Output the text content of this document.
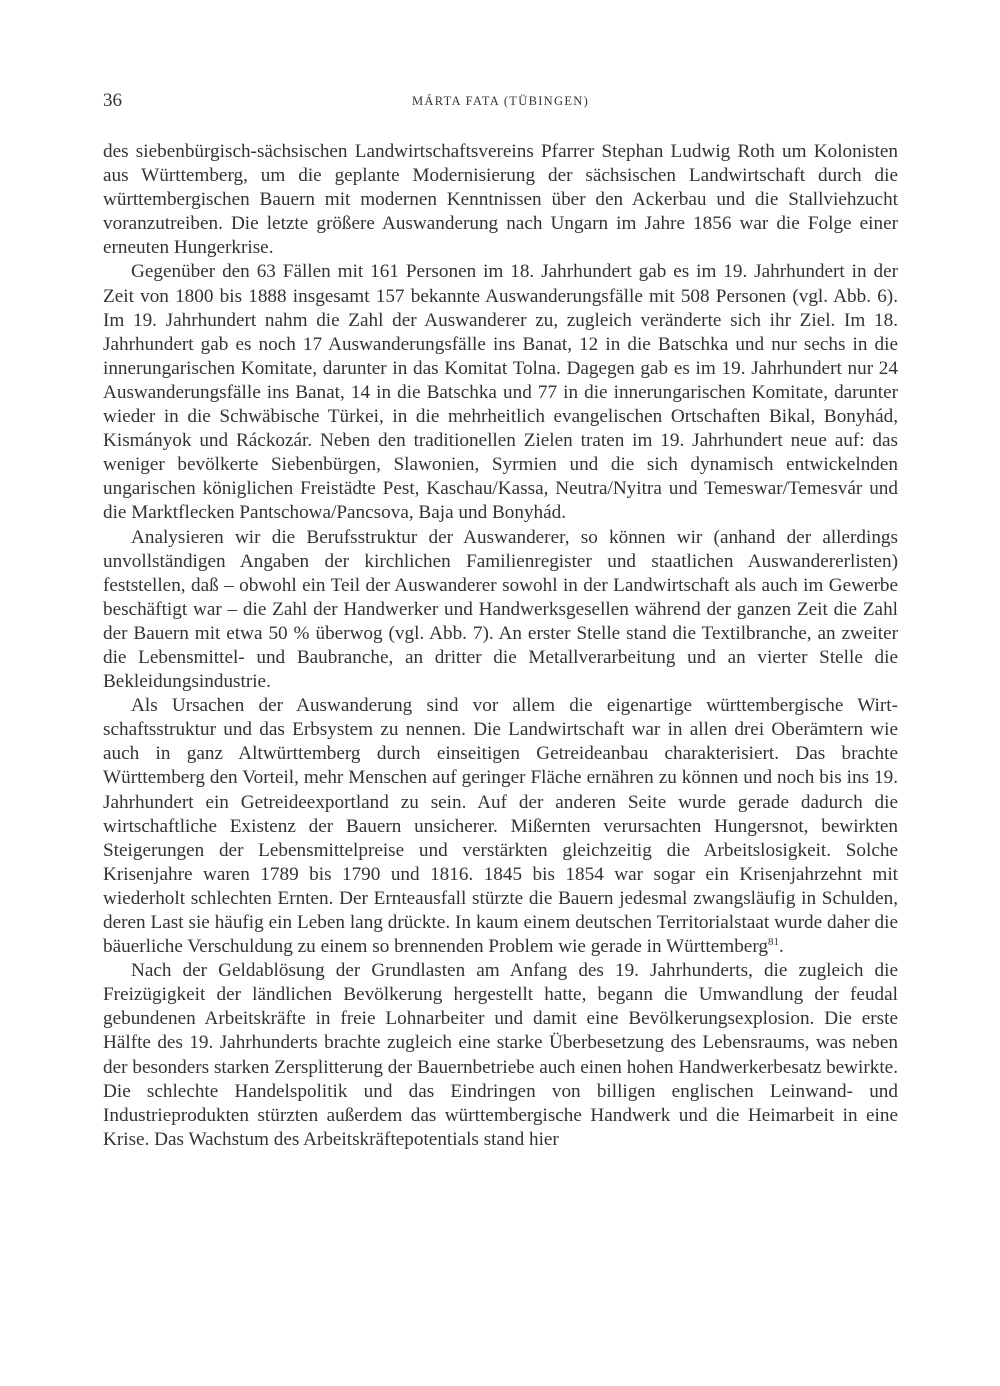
36	MÁRTA FATA (TÜBINGEN)

des siebenbürgisch-sächsischen Landwirtschaftsvereins Pfarrer Stephan Ludwig Roth um Kolonisten aus Württemberg, um die geplante Modernisierung der sächsischen Landwirtschaft durch die württembergischen Bauern mit modernen Kenntnissen über den Ackerbau und die Stallviehzucht voranzutreiben. Die letzte größere Auswanderung nach Ungarn im Jahre 1856 war die Folge einer erneuten Hungerkrise.

Gegenüber den 63 Fällen mit 161 Personen im 18. Jahrhundert gab es im 19. Jahrhundert in der Zeit von 1800 bis 1888 insgesamt 157 bekannte Auswanderungsfälle mit 508 Personen (vgl. Abb. 6). Im 19. Jahrhundert nahm die Zahl der Auswanderer zu, zugleich veränderte sich ihr Ziel. Im 18. Jahrhundert gab es noch 17 Auswanderungsfälle ins Banat, 12 in die Batschka und nur sechs in die innerungarischen Komitate, darunter in das Komitat Tolna. Dagegen gab es im 19. Jahrhundert nur 24 Auswanderungsfälle ins Banat, 14 in die Batschka und 77 in die innerungarischen Komitate, darunter wieder in die Schwäbische Türkei, in die mehrheitlich evangelischen Ortschaften Bikal, Bonyhád, Kismányok und Ráckozár. Neben den traditionellen Zielen traten im 19. Jahrhundert neue auf: das weniger bevölkerte Siebenbürgen, Slawonien, Syrmien und die sich dynamisch entwickelnden ungarischen königlichen Freistädte Pest, Kaschau/Kassa, Neutra/Nyitra und Temeswar/Temesvár und die Marktflecken Pantschowa/Pancsova, Baja und Bonyhád.

Analysieren wir die Berufsstruktur der Auswanderer, so können wir (anhand der allerdings unvollständigen Angaben der kirchlichen Familienregister und staatlichen Auswandererlisten) feststellen, daß – obwohl ein Teil der Auswanderer sowohl in der Landwirtschaft als auch im Gewerbe beschäftigt war – die Zahl der Handwerker und Handwerksgesellen während der ganzen Zeit die Zahl der Bauern mit etwa 50 % überwog (vgl. Abb. 7). An erster Stelle stand die Textilbranche, an zweiter die Lebensmittel- und Baubranche, an dritter die Metallverarbeitung und an vierter Stelle die Bekleidungsindustrie.

Als Ursachen der Auswanderung sind vor allem die eigenartige württembergische Wirtschaftsstruktur und das Erbsystem zu nennen. Die Landwirtschaft war in allen drei Oberämtern wie auch in ganz Altwürttemberg durch einseitigen Getreideanbau charakterisiert. Das brachte Württemberg den Vorteil, mehr Menschen auf geringer Fläche ernähren zu können und noch bis ins 19. Jahrhundert ein Getreideexportland zu sein. Auf der anderen Seite wurde gerade dadurch die wirtschaftliche Existenz der Bauern unsicherer. Mißernten verursachten Hungersnot, bewirkten Steigerungen der Lebensmittelpreise und verstärkten gleichzeitig die Arbeitslosigkeit. Solche Krisenjahre waren 1789 bis 1790 und 1816. 1845 bis 1854 war sogar ein Krisenjahrzehnt mit wiederholt schlechten Ernten. Der Ernteausfall stürzte die Bauern jedesmal zwangsläufig in Schulden, deren Last sie häufig ein Leben lang drückte. In kaum einem deutschen Territorialstaat wurde daher die bäuerliche Verschuldung zu einem so brennenden Problem wie gerade in Württemberg$^{81}$.

Nach der Geldablösung der Grundlasten am Anfang des 19. Jahrhunderts, die zugleich die Freizügigkeit der ländlichen Bevölkerung hergestellt hatte, begann die Umwandlung der feudal gebundenen Arbeitskräfte in freie Lohnarbeiter und damit eine Bevölkerungsexplosion. Die erste Hälfte des 19. Jahrhunderts brachte zugleich eine starke Überbesetzung des Lebensraums, was neben der besonders starken Zersplitterung der Bauernbetriebe auch einen hohen Handwerkerbesatz bewirkte. Die schlechte Handelspolitik und das Eindringen von billigen englischen Leinwand- und Industrieprodukten stürzten außerdem das württembergische Handwerk und die Heimarbeit in eine Krise. Das Wachstum des Arbeitskräftepotentials stand hier
